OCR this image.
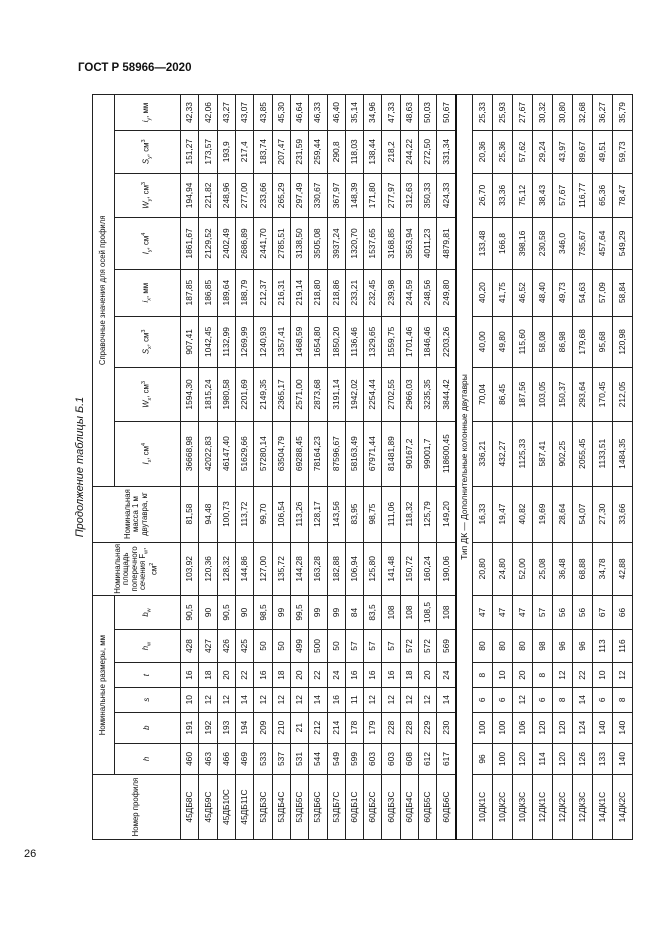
ГОСТ Р 58966—2020
Продолжение таблицы Б.1
Номер профиля	Номинальные размеры, мм						Номинальная площадь поперечного сечения $F_w$, $см^2$	Номинальная масса 1 м двутавра, кг	Справочные значения для осей профиля							
	h	b	s	t	$h_w$	$b_w$			$I_x$, $см^4$	$W_x$, $см^3$	$S_x$, $см^3$	$i_x$, мм	$I_y$, $см^4$	$W_y$, $см^3$	$S_y$, $см^3$	$i_y$, мм
45ДБ8С	460	191	10	16	428	90,5	103,92	81,58	36668,98	1594,30	907,41	187,85	1861,67	194,94	151,27	42,33
45ДБ9С	463	192	12	18	427	90	120,36	94,48	42022,83	1815,24	1042,45	186,85	2129,52	221,82	173,57	42,06
45ДБ10С	466	193	12	20	426	90,5	128,32	100,73	46147,40	1980,58	1132,99	189,64	2402,49	248,96	193,9	43,27
45ДБ11С	469	194	14	22	425	90	144,86	113,72	51629,66	2201,69	1269,99	188,79	2686,89	277,00	217,4	43,07
53ДБ3С	533	209	12	16	50	98,5	127,00	99,70	57280,14	2149,35	1240,93	212,37	2441,70	233,66	183,74	43,85
53ДБ4С	537	210	12	18	50	99	135,72	106,54	63504,79	2365,17	1357,41	216,31	2785,51	265,29	207,47	45,30
53ДБ5С	531	21	12	20	499	99,5	144,28	113,26	69288,45	2571,00	1468,59	219,14	3138,50	297,49	231,59	46,64
53ДБ6С	544	212	14	22	500	99	163,28	128,17	78164,23	2873,68	1654,80	218,80	3505,08	330,67	259,44	46,33
53ДБ7С	549	214	16	24	50	99	182,88	143,56	87596,67	3191,14	1850,20	218,86	3937,24	367,97	290,8	46,40
60ДБ1С	599	178	11	16	57	84	106,94	83,95	58163,49	1942,02	1136,46	233,21	1320,70	148,39	118,03	35,14
60ДБ2С	603	179	12	16	57	83,5	125,80	98,75	67971,44	2254,44	1329,65	232,45	1537,65	171,80	138,44	34,96
60ДБ3С	603	228	12	16	57	108	141,48	111,06	81481,89	2702,55	1559,75	239,98	3168,85	277,97	218,2	47,33
60ДБ4С	608	228	12	18	572	108	150,72	118,32	90167,2	2966,03	1701,46	244,59	3563,94	312,63	244,22	48,63
60ДБ5С	612	229	12	20	572	108,5	160,24	125,79	99001,7	3235,35	1846,46	248,56	4011,23	350,33	272,50	50,03
60ДБ6С	617	230	14	24	569	108	190,06	149,20	118600,45	3844,42	2203,26	249,80	4879,81	424,33	331,34	50,67
Тип ДК — Дополнительные колонные двутавры																
10ДК1С	96	100	6	8	80	47	20,80	16,33	336,21	70,04	40,00	40,20	133,48	26,70	20,36	25,33
10ДК2С	100	100	6	10	80	47	24,80	19,47	432,27	86,45	49,80	41,75	166,8	33,36	25,36	25,93
10ДК3С	120	106	12	20	80	47	52,00	40,82	1125,33	187,56	115,60	46,52	398,16	75,12	57,62	27,67
12ДК1С	114	120	6	8	98	57	25,08	19,69	587,41	103,05	58,08	48,40	230,58	38,43	29,24	30,32
12ДК2С	120	120	8	12	96	56	36,48	28,64	902,25	150,37	86,98	49,73	346,0	57,67	43,97	30,80
12ДК3С	126	124	14	22	96	56	68,88	54,07	2055,45	293,64	179,68	54,63	735,67	116,77	89,67	32,68
14ДК1С	133	140	6	10	113	67	34,78	27,30	1133,51	170,45	95,68	57,09	457,64	65,36	49,51	36,27
14ДК2С	140	140	8	12	116	66	42,88	33,66	1484,35	212,05	120,98	58,84	549,29	78,47	59,73	35,79
26
